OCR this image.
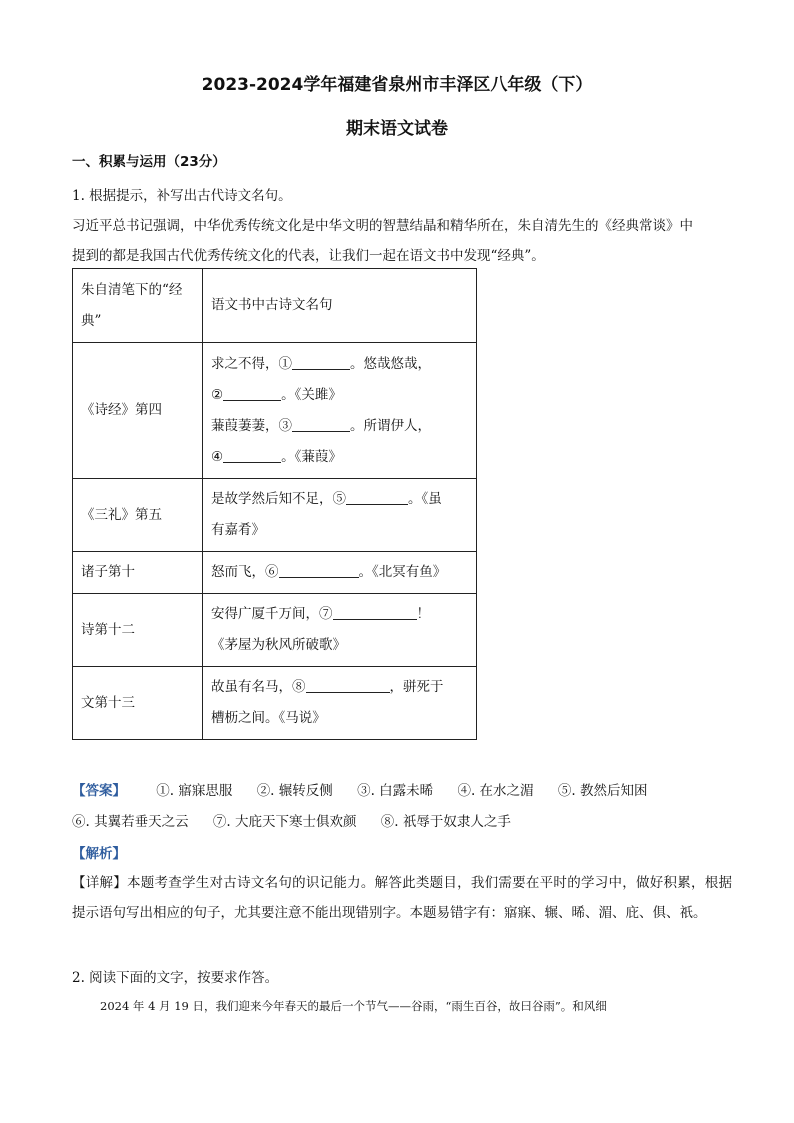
2023-2024学年福建省泉州市丰泽区八年级（下）
期末语文试卷
一、积累与运用（23分）
1. 根据提示，补写出古代诗文名句。
习近平总书记强调，中华优秀传统文化是中华文明的智慧结晶和精华所在，朱自清先生的《经典常谈》中
提到的都是我国古代优秀传统文化的代表，让我们一起在语文书中发现“经典”。
朱自清笔下的“经
典”	语文书中古诗文名句
《诗经》第四	求之不得，① 。悠哉悠哉，
② 。《关雎》
蒹葭萋萋，③ 。所谓伊人，
④ 。《蒹葭》

《三礼》第五	是故学然后知不足，⑤ 。《虽
有嘉肴》

诸子第十	怒而飞，⑥ 。《北冥有鱼》

诗第十二	安得广厦千万间，⑦ ！
《茅屋为秋风所破歌》

文第十三	故虽有名马，⑧ ，骈死于
槽枥之间。《马说》
【答案】 ①. 寤寐思服 ②. 辗转反侧 ③. 白露未晞 ④. 在水之湄 ⑤. 教然后知困
⑥. 其翼若垂天之云 ⑦. 大庇天下寒士俱欢颜 ⑧. 祇辱于奴隶人之手
【解析】
【详解】本题考查学生对古诗文名句的识记能力。解答此类题目，我们需要在平时的学习中，做好积累，根据提示语句写出相应的句子，尤其要注意不能出现错别字。本题易错字有：寤寐、辗、晞、湄、庇、俱、祇。
2. 阅读下面的文字，按要求作答。
2024 年 4 月 19 日，我们迎来今年春天的最后一个节气——谷雨，“雨生百谷，故曰谷雨”。和风细
